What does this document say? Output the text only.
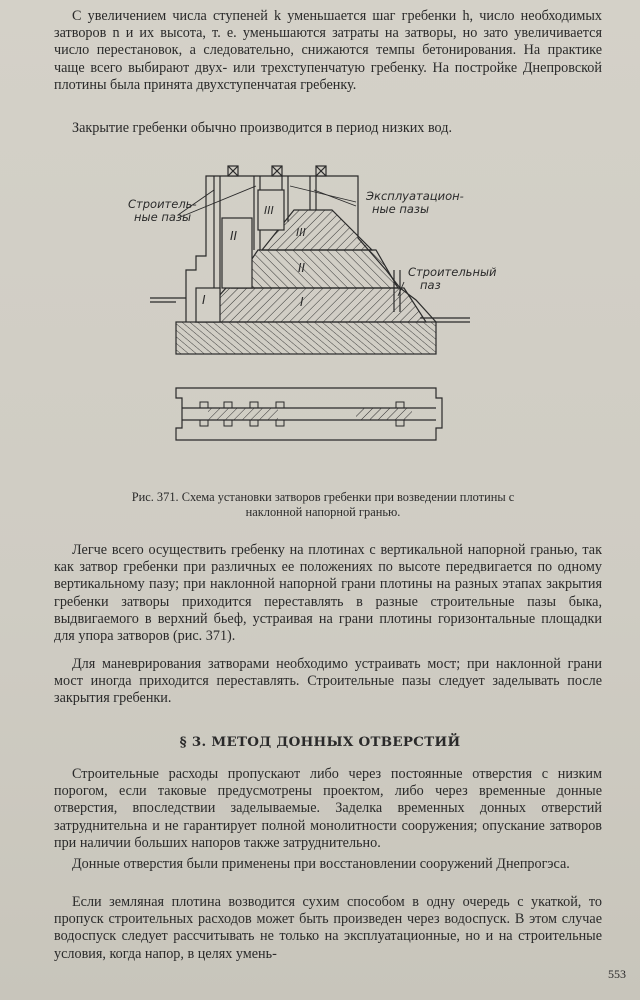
С увеличением числа ступеней k уменьшается шаг гребенки h, число необходимых затворов n и их высота, т. е. уменьшаются затраты на затворы, но зато увеличивается число перестановок, а следовательно, снижаются темпы бетонирования. На практике чаще всего выбирают двух- или трехступенчатую гребенку. На постройке Днепровской плотины была принята двухступенчатая гребенку.

Закрытие гребенки обычно производится в период низких вод.

I
II
III
I
II
III
Строитель-
ные пазы
Эксплуатацион-
ные пазы
Строительный
паз

Рис. 371. Схема установки затворов гребенки при возведении плотины с наклонной напорной гранью.

Легче всего осуществить гребенку на плотинах с вертикальной напорной гранью, так как затвор гребенки при различных ее положениях по высоте передвигается по одному вертикальному пазу; при наклонной напорной грани плотины на разных этапах закрытия гребенки затворы приходится переставлять в разные строительные пазы быка, выдвигаемого в верхний бьеф, устраивая на грани плотины горизонтальные площадки для упора затворов (рис. 371).

Для маневрирования затворами необходимо устраивать мост; при наклонной грани мост иногда приходится переставлять. Строительные пазы следует заделывать после закрытия гребенки.

§ 3. МЕТОД ДОННЫХ ОТВЕРСТИЙ

Строительные расходы пропускают либо через постоянные отверстия с низким порогом, если таковые предусмотрены проектом, либо через временные донные отверстия, впоследствии заделываемые. Заделка временных донных отверстий затруднительна и не гарантирует полной монолитности сооружения; опускание затворов при наличии больших напоров также затруднительно.

Донные отверстия были применены при восстановлении сооружений Днепрогэса.

Если земляная плотина возводится сухим способом в одну очередь с укаткой, то пропуск строительных расходов может быть произведен через водоспуск. В этом случае водоспуск следует рассчитывать не только на эксплуатационные, но и на строительные условия, когда напор, в целях умень-

553
